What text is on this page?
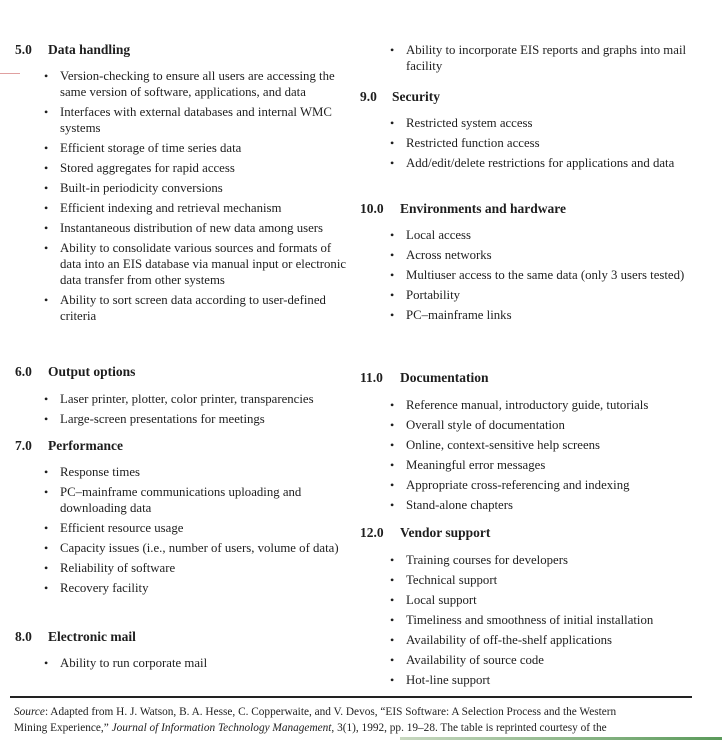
5.0 Data handling
• Version-checking to ensure all users are accessing the same version of software, applications, and data
• Interfaces with external databases and internal WMC systems
• Efficient storage of time series data
• Stored aggregates for rapid access
• Built-in periodicity conversions
• Efficient indexing and retrieval mechanism
• Instantaneous distribution of new data among users
• Ability to consolidate various sources and formats of data into an EIS database via manual input or electronic data transfer from other systems
• Ability to sort screen data according to user-defined criteria
6.0 Output options
• Laser printer, plotter, color printer, transparencies
• Large-screen presentations for meetings
7.0 Performance
• Response times
• PC–mainframe communications uploading and downloading data
• Efficient resource usage
• Capacity issues (i.e., number of users, volume of data)
• Reliability of software
• Recovery facility
8.0 Electronic mail
• Ability to run corporate mail
• Ability to incorporate EIS reports and graphs into mail facility
9.0 Security
• Restricted system access
• Restricted function access
• Add/edit/delete restrictions for applications and data
10.0 Environments and hardware
• Local access
• Across networks
• Multiuser access to the same data (only 3 users tested)
• Portability
• PC–mainframe links
11.0 Documentation
• Reference manual, introductory guide, tutorials
• Overall style of documentation
• Online, context-sensitive help screens
• Meaningful error messages
• Appropriate cross-referencing and indexing
• Stand-alone chapters
12.0 Vendor support
• Training courses for developers
• Technical support
• Local support
• Timeliness and smoothness of initial installation
• Availability of off-the-shelf applications
• Availability of source code
• Hot-line support
Source: Adapted from H. J. Watson, B. A. Hesse, C. Copperwaite, and V. Devos, “EIS Software: A Selection Process and the Western
Mining Experience,” Journal of Information Technology Management, 3(1), 1992, pp. 19–28. The table is reprinted courtesy of the
